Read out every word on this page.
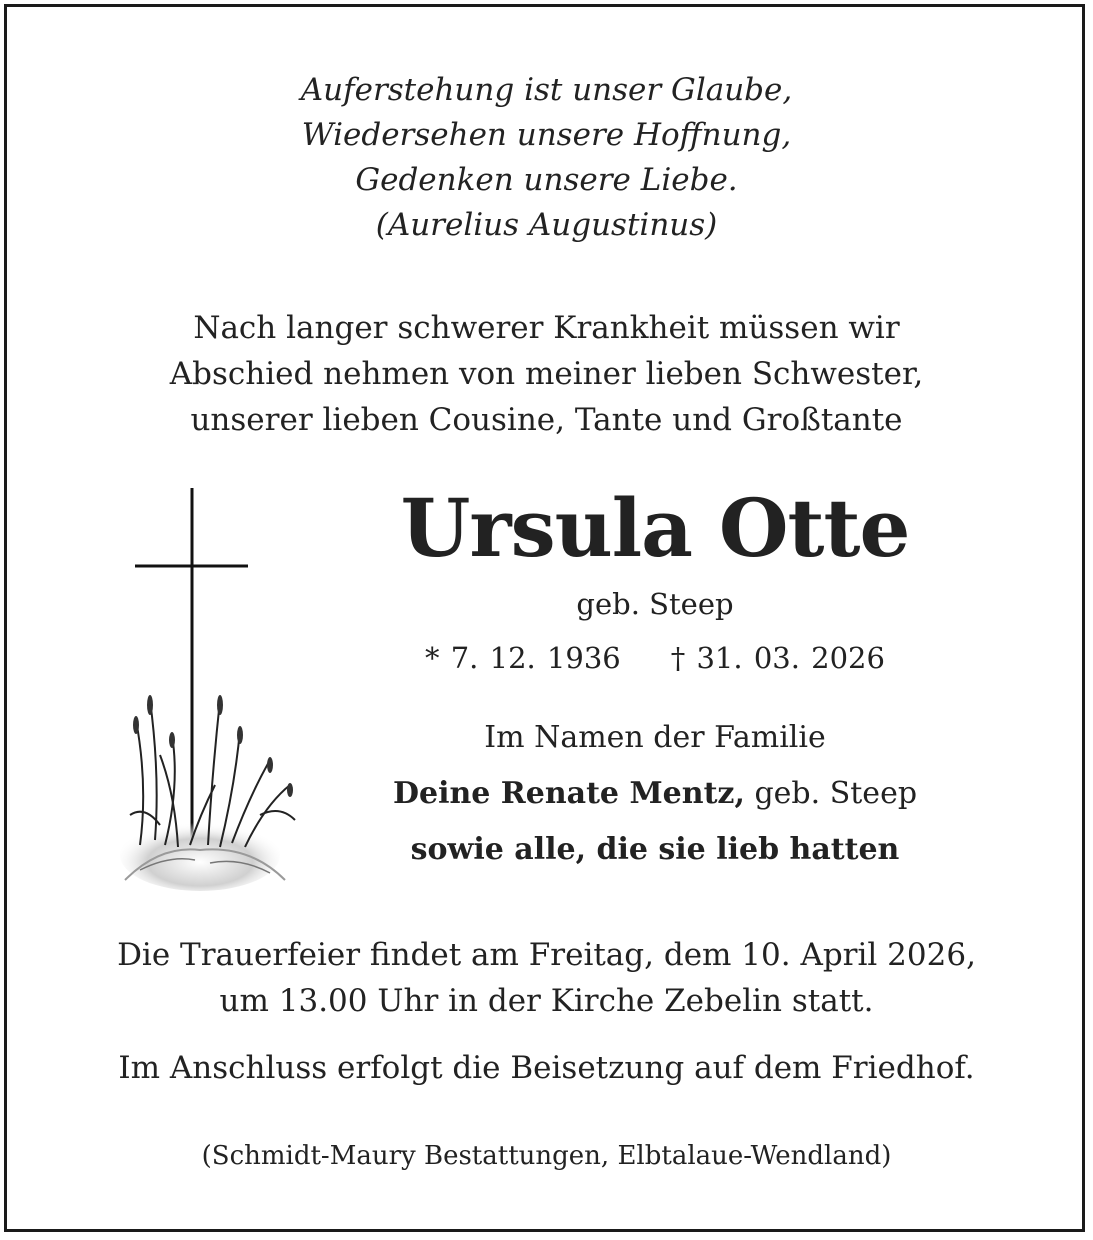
Auferstehung ist unser Glaube,
Wiedersehen unsere Hoffnung,
Gedenken unsere Liebe.
(Aurelius Augustinus)
Nach langer schwerer Krankheit müssen wir
Abschied nehmen von meiner lieben Schwester,
unserer lieben Cousine, Tante und Großtante
Ursula Otte
geb. Steep
* 7. 12. 1936 † 31. 03. 2026
Im Namen der Familie
Deine Renate Mentz, geb. Steep
sowie alle, die sie lieb hatten
Die Trauerfeier findet am Freitag, dem 10. April 2026,
um 13.00 Uhr in der Kirche Zebelin statt.
Im Anschluss erfolgt die Beisetzung auf dem Friedhof.
(Schmidt-Maury Bestattungen, Elbtalaue-Wendland)
